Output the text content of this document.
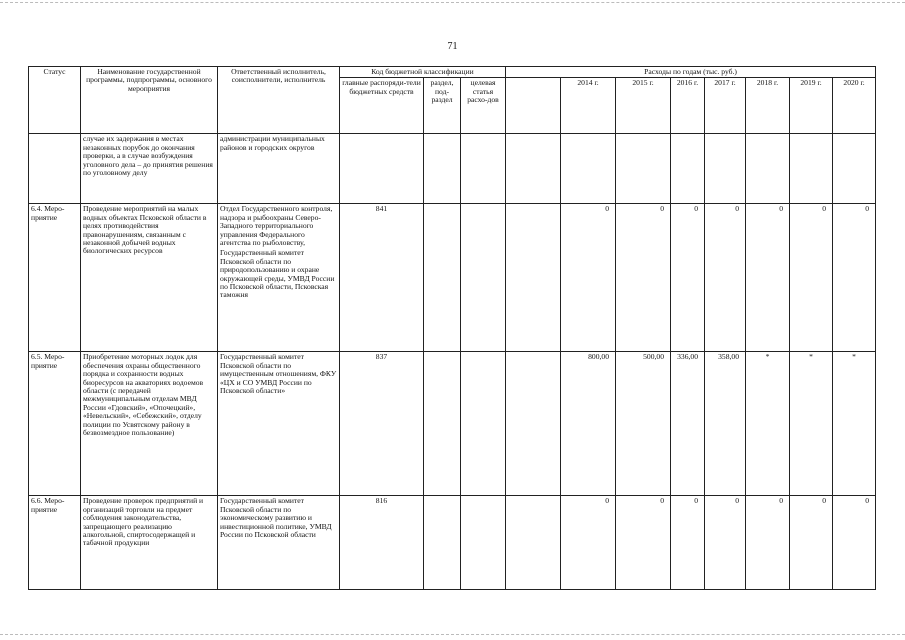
71
Статус	Наименование государственной программы, подпрограммы, основного мероприятия	Ответственный исполнитель, соисполнители, исполнитель	Код бюджетной классификации			Расходы по годам (тыс. руб.)							
			главные распоряди-тели бюджетных средств	раздел, под-раздел	целевая статья расхо-дов		2014 г.	2015 г.	2016 г.	2017 г.	2018 г.	2019 г.	2020 г.
	случае их задержания в местах незаконных порубок до окончания проверки, а в случае возбуждения уголовного дела – до принятия решения по уголовному делу	администрации муниципальных районов и городских округов											
6.4. Меро-приятие	Проведение мероприятий на малых водных объектах Псковской области в целях противодействия правонарушениям, связанным с незаконной добычей водных биологических ресурсов	Отдел Государственного контроля, надзора и рыбоохраны Северо-Западного территориального управления Федерального агентства по рыболовству,
Государственный комитет Псковской области по природопользованию и охране окружающей среды, УМВД России по Псковской области, Псковская таможня	841				0	0	0	0	0	0	0
6.5. Меро-приятие	Приобретение моторных лодок для обеспечения охраны общественного порядка и сохранности водных биоресурсов на акваториях водоемов области (с передачей межмуниципальным отделам МВД России «Гдовский», «Опочецкий», «Невельский», «Себежский», отделу полиции по Усвятскому району в безвозмездное пользование)	Государственный комитет Псковской области по имущественным отношениям, ФКУ «ЦХ и СО УМВД России по Псковской области»	837				800,00	500,00	336,00	358,00	*	*	*
6.6. Меро-приятие	Проведение проверок предприятий и организаций торговли на предмет соблюдения законодательства, запрещающего реализацию алкогольной, спиртосодержащей и табачной продукции	Государственный комитет Псковской области по экономическому развитию и инвестиционной политике, УМВД России по Псковской области	816				0	0	0	0	0	0	0
